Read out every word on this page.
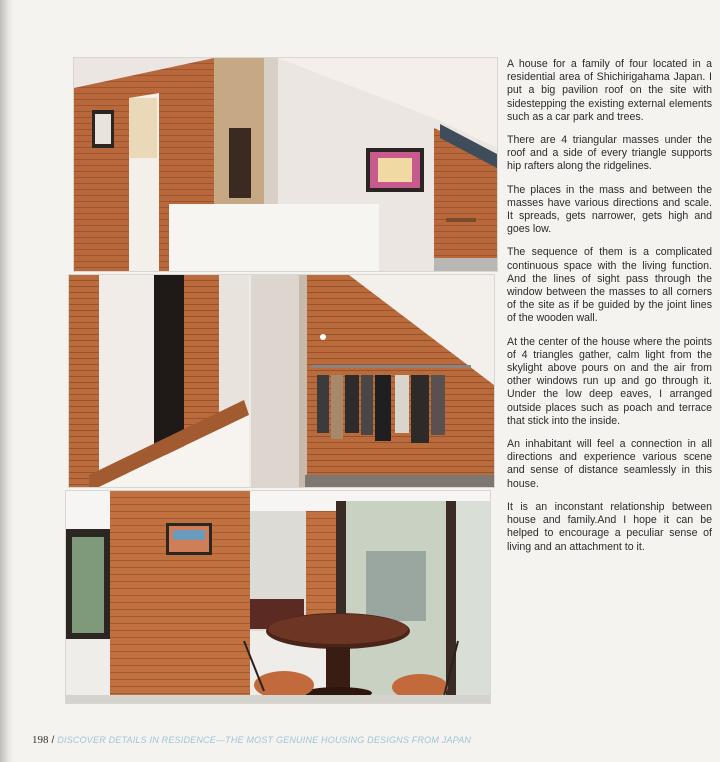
A house for a family of four located in a residential area of Shichirigahama Japan. I put a big pavilion roof on the site with sidestepping the existing external elements such as a car park and trees.

There are 4 triangular masses under the roof and a side of every triangle supports hip rafters along the ridgelines.

The places in the mass and between the masses have various directions and scale. It spreads, gets narrower, gets high and goes low.

The sequence of them is a complicated continuous space with the living function. And the lines of sight pass through the window between the masses to all corners of the site as if be guided by the joint lines of the wooden wall.

At the center of the house where the points of 4 triangles gather, calm light from the skylight above pours on and the air from other windows run up and go through it. Under the low deep eaves, I arranged outside places such as poach and terrace that stick into the inside.

An inhabitant will feel a connection in all directions and experience various scene and sense of distance seamlessly in this house.

It is an inconstant relationship between house and family.And I hope it can be helped to encourage a peculiar sense of living and an attachment to it.

198 / DISCOVER DETAILS IN RESIDENCE—THE MOST GENUINE HOUSING DESIGNS FROM JAPAN
